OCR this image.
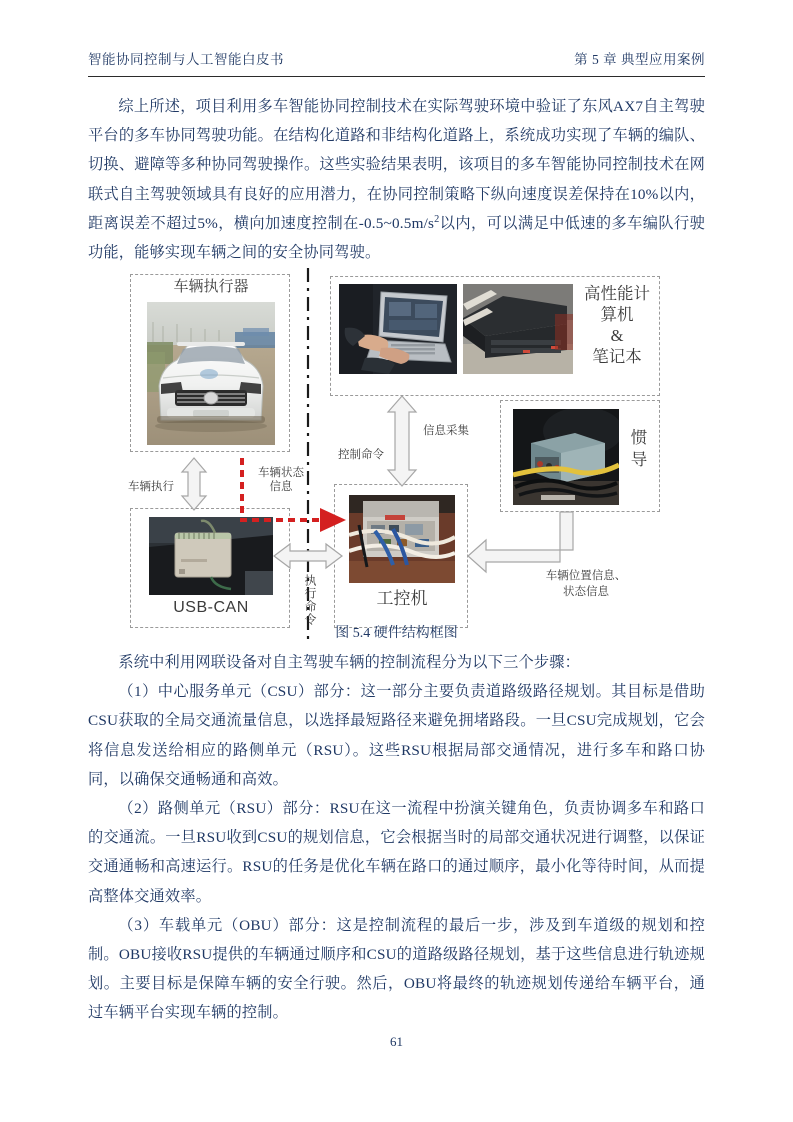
智能协同控制与人工智能白皮书	第 5 章 典型应用案例

综上所述，项目利用多车智能协同控制技术在实际驾驶环境中验证了东风AX7自主驾驶平台的多车协同驾驶功能。在结构化道路和非结构化道路上，系统成功实现了车辆的编队、切换、避障等多种协同驾驶操作。这些实验结果表明，该项目的多车智能协同控制技术在网联式自主驾驶领域具有良好的应用潜力，在协同控制策略下纵向速度误差保持在10%以内，距离误差不超过5%，横向加速度控制在$-0.5\sim 0.5m/s^2$以内，可以满足中低速的多车编队行驶功能，能够实现车辆之间的安全协同驾驶。

车辆执行器
USB-CAN
高性能计
算机
&
笔记本
惯
导
工控机
车辆执行
车辆状态
信息
控制命令
信息采集
执行命令	车辆位置信息、
状态信息
图 5.4 硬件结构框图

系统中利用网联设备对自主驾驶车辆的控制流程分为以下三个步骤：

（1）中心服务单元（CSU）部分：这一部分主要负责道路级路径规划。其目标是借助CSU获取的全局交通流量信息，以选择最短路径来避免拥堵路段。一旦CSU完成规划，它会将信息发送给相应的路侧单元（RSU）。这些RSU根据局部交通情况，进行多车和路口协同，以确保交通畅通和高效。

（2）路侧单元（RSU）部分：RSU在这一流程中扮演关键角色，负责协调多车和路口的交通流。一旦RSU收到CSU的规划信息，它会根据当时的局部交通状况进行调整，以保证交通通畅和高速运行。RSU的任务是优化车辆在路口的通过顺序，最小化等待时间，从而提高整体交通效率。

（3）车载单元（OBU）部分：这是控制流程的最后一步，涉及到车道级的规划和控制。OBU接收RSU提供的车辆通过顺序和CSU的道路级路径规划，基于这些信息进行轨迹规划。主要目标是保障车辆的安全行驶。然后，OBU将最终的轨迹规划传递给车辆平台，通过车辆平台实现车辆的控制。

61
